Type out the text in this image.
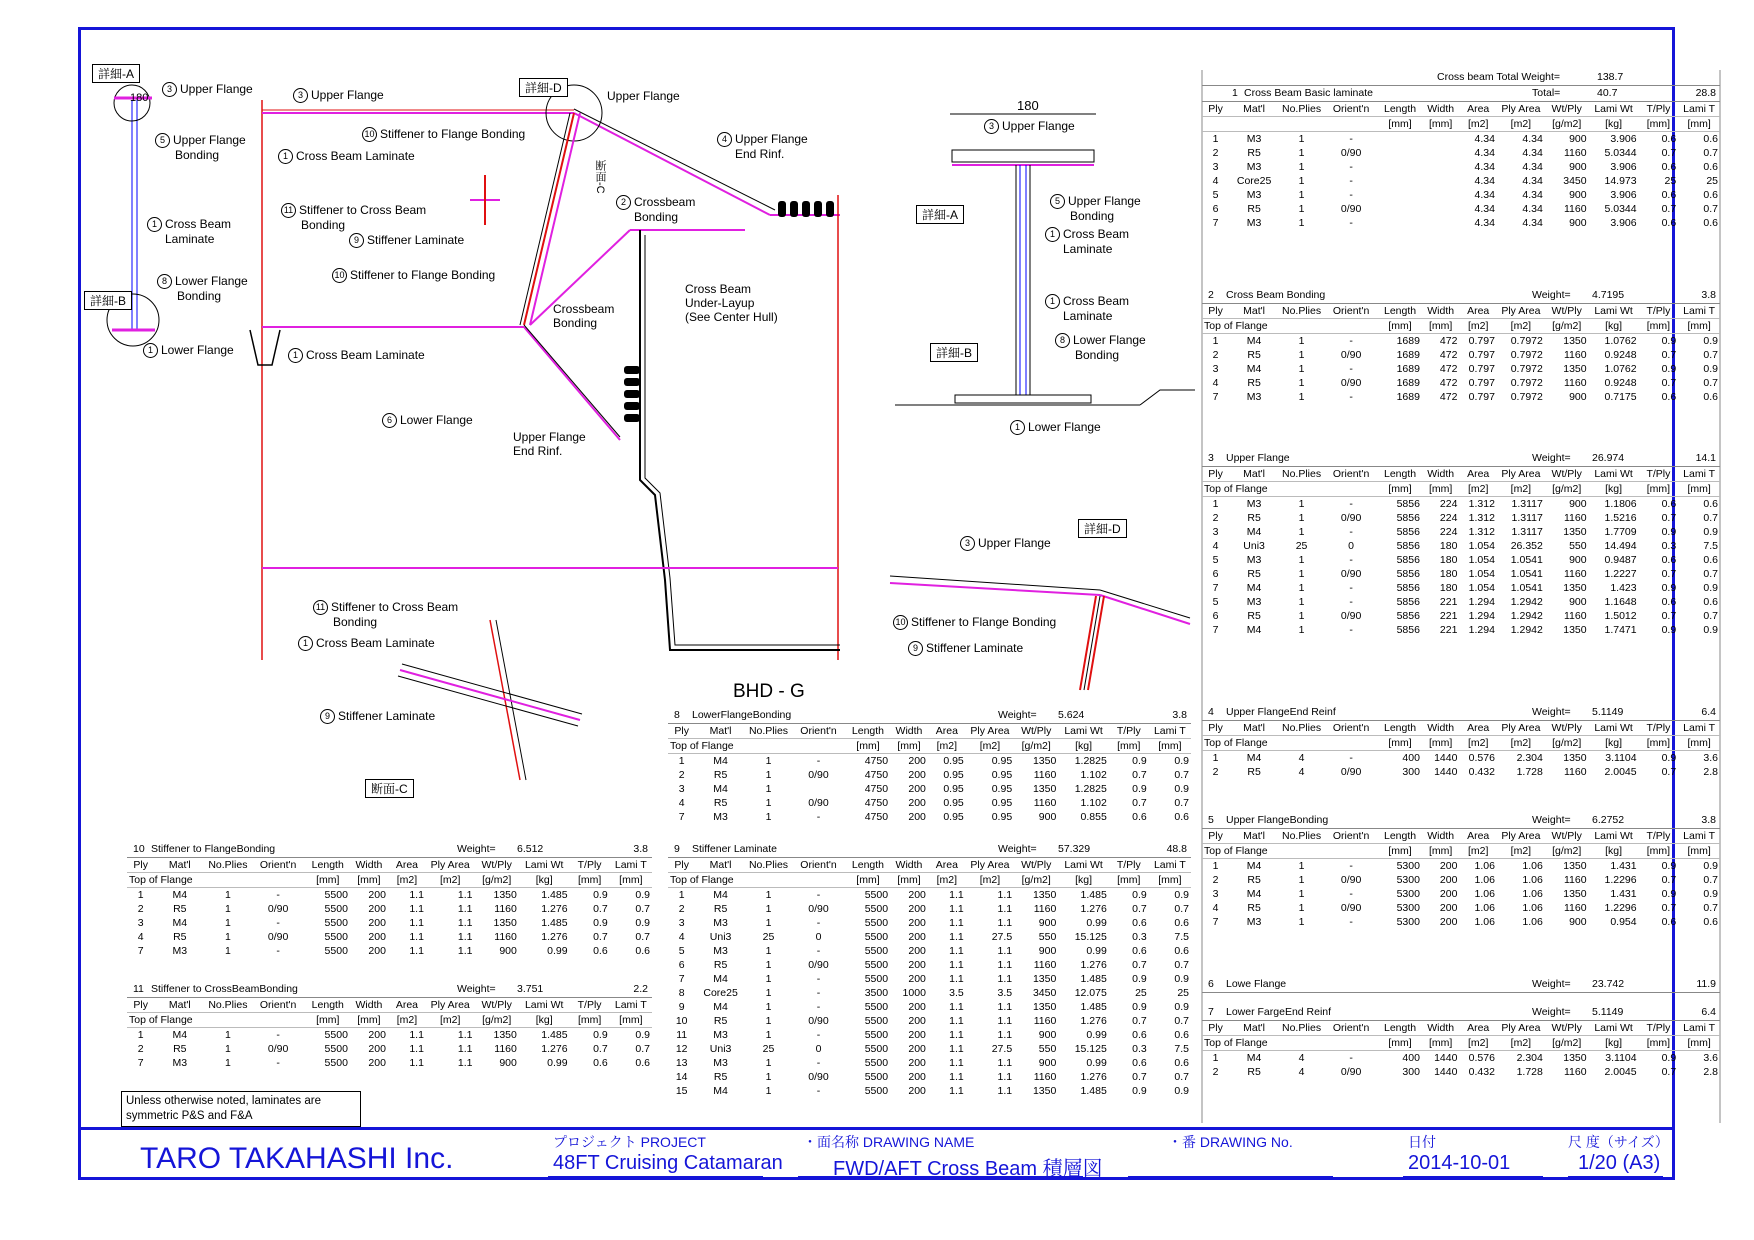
詳細-A
180
3 Upper Flange
5 Upper Flange
Bonding
1 Cross Beam
Laminate
8 Lower Flange
Bonding
詳細-B
1 Lower Flange
3 Upper Flange	詳細-D
Upper Flange
10 Stiffener to Flange Bonding	4 Upper Flange
End Rinf.
1 Cross Beam Laminate
断面-C
2 Crossbeam
Bonding
11 Stiffener to Cross Beam
Bonding
9 Stiffener Laminate
10 Stiffener to Flange Bonding
Cross Beam
Under-Layup
(See Center Hull)
Crossbeam
Bonding
1 Cross Beam Laminate
6 Lower Flange
Upper Flange
End Rinf.
11 Stiffener to Cross Beam
Bonding
1 Cross Beam Laminate
9 Stiffener Laminate
断面-C
180
3 Upper Flange
5 Upper Flange
Bonding
詳細-A
1 Cross Beam
Laminate
1 Cross Beam
Laminate
8 Lower Flange
Bonding
詳細-B
1 Lower Flange
詳細-D
3 Upper Flange
10 Stiffener to Flange Bonding
9 Stiffener Laminate
BHD - G
Cross beam Total Weight=	138.7
1 Cross Beam Basic laminate	Total=	40.7	28.8
Ply	Mat'l	No.Plies	Orient'n	Length	Width	Area	Ply Area	Wt/Ply	Lami Wt	T/Ply	Lami T
				[mm]	[mm]	[m2]	[m2]	[g/m2]	[kg]	[mm]	[mm]
1	M3	1	-			4.34	4.34	900	3.906	0.6	0.6
2	R5	1	0/90			4.34	4.34	1160	5.0344	0.7	0.7
3	M3	1	-			4.34	4.34	900	3.906	0.6	0.6
4	Core25	1	-			4.34	4.34	3450	14.973	25	25
5	M3	1	-			4.34	4.34	900	3.906	0.6	0.6
6	R5	1	0/90			4.34	4.34	1160	5.0344	0.7	0.7
7	M3	1	-			4.34	4.34	900	3.906	0.6	0.6
2 Cross Beam Bonding	Weight= 4.7195	3.8
Ply	Mat'l	No.Plies	Orient'n	Length	Width	Area	Ply Area	Wt/Ply	Lami Wt	T/Ply	Lami T
Top of Flange				[mm]	[mm]	[m2]	[m2]	[g/m2]	[kg]	[mm]	[mm]
1	M4	1	-	1689	472	0.797	0.7972	1350	1.0762	0.9	0.9
2	R5	1	0/90	1689	472	0.797	0.7972	1160	0.9248	0.7	0.7
3	M4	1	-	1689	472	0.797	0.7972	1350	1.0762	0.9	0.9
4	R5	1	0/90	1689	472	0.797	0.7972	1160	0.9248	0.7	0.7
7	M3	1	-	1689	472	0.797	0.7972	900	0.7175	0.6	0.6
3 Upper Flange	Weight= 26.974	14.1
Ply	Mat'l	No.Plies	Orient'n	Length	Width	Area	Ply Area	Wt/Ply	Lami Wt	T/Ply	Lami T
Top of Flange				[mm]	[mm]	[m2]	[m2]	[g/m2]	[kg]	[mm]	[mm]
1	M3	1	-	5856	224	1.312	1.3117	900	1.1806	0.6	0.6
2	R5	1	0/90	5856	224	1.312	1.3117	1160	1.5216	0.7	0.7
3	M4	1	-	5856	224	1.312	1.3117	1350	1.7709	0.9	0.9
4	Uni3	25	0	5856	180	1.054	26.352	550	14.494	0.3	7.5
5	M3	1	-	5856	180	1.054	1.0541	900	0.9487	0.6	0.6
6	R5	1	0/90	5856	180	1.054	1.0541	1160	1.2227	0.7	0.7
7	M4	1	-	5856	180	1.054	1.0541	1350	1.423	0.9	0.9
5	M3	1	-	5856	221	1.294	1.2942	900	1.1648	0.6	0.6
6	R5	1	0/90	5856	221	1.294	1.2942	1160	1.5012	0.7	0.7
7	M4	1	-	5856	221	1.294	1.2942	1350	1.7471	0.9	0.9
4 Upper FlangeEnd Reinf	Weight= 5.1149	6.4
Ply	Mat'l	No.Plies	Orient'n	Length	Width	Area	Ply Area	Wt/Ply	Lami Wt	T/Ply	Lami T
Top of Flange				[mm]	[mm]	[m2]	[m2]	[g/m2]	[kg]	[mm]	[mm]
1	M4	4	-	400	1440	0.576	2.304	1350	3.1104	0.9	3.6
2	R5	4	0/90	300	1440	0.432	1.728	1160	2.0045	0.7	2.8
5 Upper FlangeBonding	Weight= 6.2752	3.8
Ply	Mat'l	No.Plies	Orient'n	Length	Width	Area	Ply Area	Wt/Ply	Lami Wt	T/Ply	Lami T
Top of Flange				[mm]	[mm]	[m2]	[m2]	[g/m2]	[kg]	[mm]	[mm]
1	M4	1	-	5300	200	1.06	1.06	1350	1.431	0.9	0.9
2	R5	1	0/90	5300	200	1.06	1.06	1160	1.2296	0.7	0.7
3	M4	1	-	5300	200	1.06	1.06	1350	1.431	0.9	0.9
4	R5	1	0/90	5300	200	1.06	1.06	1160	1.2296	0.7	0.7
7	M3	1	-	5300	200	1.06	1.06	900	0.954	0.6	0.6
6 Lowe Flange	Weight= 23.742	11.9
7 Lower FargeEnd Reinf	Weight= 5.1149	6.4
Ply	Mat'l	No.Plies	Orient'n	Length	Width	Area	Ply Area	Wt/Ply	Lami Wt	T/Ply	Lami T
Top of Flange				[mm]	[mm]	[m2]	[m2]	[g/m2]	[kg]	[mm]	[mm]
1	M4	4	-	400	1440	0.576	2.304	1350	3.1104	0.9	3.6
2	R5	4	0/90	300	1440	0.432	1.728	1160	2.0045	0.7	2.8
8 LowerFlangeBonding	Weight= 5.624	3.8
Ply	Mat'l	No.Plies	Orient'n	Length	Width	Area	Ply Area	Wt/Ply	Lami Wt	T/Ply	Lami T
Top of Flange				[mm]	[mm]	[m2]	[m2]	[g/m2]	[kg]	[mm]	[mm]
1	M4	1	-	4750	200	0.95	0.95	1350	1.2825	0.9	0.9
2	R5	1	0/90	4750	200	0.95	0.95	1160	1.102	0.7	0.7
3	M4	1		4750	200	0.95	0.95	1350	1.2825	0.9	0.9
4	R5	1	0/90	4750	200	0.95	0.95	1160	1.102	0.7	0.7
7	M3	1	-	4750	200	0.95	0.95	900	0.855	0.6	0.6
9 Stiffener Laminate	Weight= 57.329	48.8
Ply	Mat'l	No.Plies	Orient'n	Length	Width	Area	Ply Area	Wt/Ply	Lami Wt	T/Ply	Lami T
Top of Flange				[mm]	[mm]	[m2]	[m2]	[g/m2]	[kg]	[mm]	[mm]
1	M4	1	-	5500	200	1.1	1.1	1350	1.485	0.9	0.9
2	R5	1	0/90	5500	200	1.1	1.1	1160	1.276	0.7	0.7
3	M3	1	-	5500	200	1.1	1.1	900	0.99	0.6	0.6
4	Uni3	25	0	5500	200	1.1	27.5	550	15.125	0.3	7.5
5	M3	1	-	5500	200	1.1	1.1	900	0.99	0.6	0.6
6	R5	1	0/90	5500	200	1.1	1.1	1160	1.276	0.7	0.7
7	M4	1	-	5500	200	1.1	1.1	1350	1.485	0.9	0.9
8	Core25	1	-	3500	1000	3.5	3.5	3450	12.075	25	25
9	M4	1	-	5500	200	1.1	1.1	1350	1.485	0.9	0.9
10	R5	1	0/90	5500	200	1.1	1.1	1160	1.276	0.7	0.7
11	M3	1	-	5500	200	1.1	1.1	900	0.99	0.6	0.6
12	Uni3	25	0	5500	200	1.1	27.5	550	15.125	0.3	7.5
13	M3	1	-	5500	200	1.1	1.1	900	0.99	0.6	0.6
14	R5	1	0/90	5500	200	1.1	1.1	1160	1.276	0.7	0.7
15	M4	1	-	5500	200	1.1	1.1	1350	1.485	0.9	0.9
10 Stiffener to FlangeBonding	Weight= 6.512	3.8
Ply	Mat'l	No.Plies	Orient'n	Length	Width	Area	Ply Area	Wt/Ply	Lami Wt	T/Ply	Lami T
Top of Flange				[mm]	[mm]	[m2]	[m2]	[g/m2]	[kg]	[mm]	[mm]
1	M4	1	-	5500	200	1.1	1.1	1350	1.485	0.9	0.9
2	R5	1	0/90	5500	200	1.1	1.1	1160	1.276	0.7	0.7
3	M4	1	-	5500	200	1.1	1.1	1350	1.485	0.9	0.9
4	R5	1	0/90	5500	200	1.1	1.1	1160	1.276	0.7	0.7
7	M3	1	-	5500	200	1.1	1.1	900	0.99	0.6	0.6
11 Stiffener to CrossBeamBonding	Weight= 3.751	2.2
Ply	Mat'l	No.Plies	Orient'n	Length	Width	Area	Ply Area	Wt/Ply	Lami Wt	T/Ply	Lami T
Top of Flange				[mm]	[mm]	[m2]	[m2]	[g/m2]	[kg]	[mm]	[mm]
1	M4	1	-	5500	200	1.1	1.1	1350	1.485	0.9	0.9
2	R5	1	0/90	5500	200	1.1	1.1	1160	1.276	0.7	0.7
7	M3	1	-	5500	200	1.1	1.1	900	0.99	0.6	0.6
Unless otherwise noted, laminates are
symmetric P&S and F&A
TARO TAKAHASHI Inc.	プロジェクト PROJECT
48FT Cruising Catamaran
・面名称 DRAWING NAME
FWD/AFT Cross Beam 積層図
・番 DRAWING No.	日付
2014-10-01
尺 度（サイズ）
1/20 (A3)
